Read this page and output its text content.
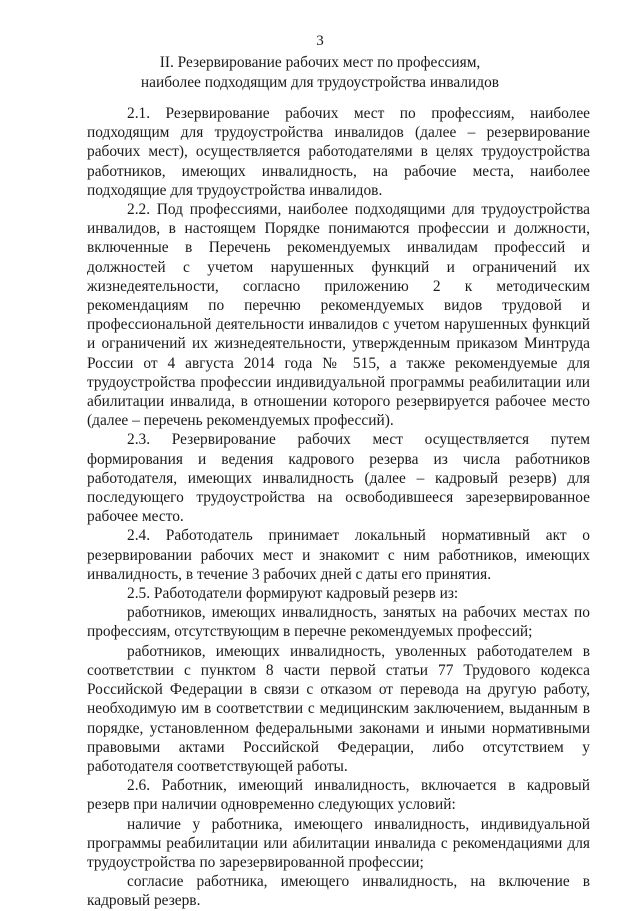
3
II. Резервирование рабочих мест по профессиям,
наиболее подходящим для трудоустройства инвалидов

2.1. Резервирование рабочих мест по профессиям, наиболее подходящим для трудоустройства инвалидов (далее – резервирование рабочих мест), осуществляется работодателями в целях трудоустройства работников, имеющих инвалидность, на рабочие места, наиболее подходящие для трудоустройства инвалидов.

2.2. Под профессиями, наиболее подходящими для трудоустройства инвалидов, в настоящем Порядке понимаются профессии и должности, включенные в Перечень рекомендуемых инвалидам профессий и должностей с учетом нарушенных функций и ограничений их жизнедеятельности, согласно приложению 2 к методическим рекомендациям по перечню рекомендуемых видов трудовой и профессиональной деятельности инвалидов с учетом нарушенных функций и ограничений их жизнедеятельности, утвержденным приказом Минтруда России от 4 августа 2014 года № 515, а также рекомендуемые для трудоустройства профессии индивидуальной программы реабилитации или абилитации инвалида, в отношении которого резервируется рабочее место (далее – перечень рекомендуемых профессий).

2.3. Резервирование рабочих мест осуществляется путем формирования и ведения кадрового резерва из числа работников работодателя, имеющих инвалидность (далее – кадровый резерв) для последующего трудоустройства на освободившееся зарезервированное рабочее место.

2.4. Работодатель принимает локальный нормативный акт о резервировании рабочих мест и знакомит с ним работников, имеющих инвалидность, в течение 3 рабочих дней с даты его принятия.

2.5. Работодатели формируют кадровый резерв из:

работников, имеющих инвалидность, занятых на рабочих местах по профессиям, отсутствующим в перечне рекомендуемых профессий;

работников, имеющих инвалидность, уволенных работодателем в соответствии с пунктом 8 части первой статьи 77 Трудового кодекса Российской Федерации в связи с отказом от перевода на другую работу, необходимую им в соответствии с медицинским заключением, выданным в порядке, установленном федеральными законами и иными нормативными правовыми актами Российской Федерации, либо отсутствием у работодателя соответствующей работы.

2.6. Работник, имеющий инвалидность, включается в кадровый резерв при наличии одновременно следующих условий:

наличие у работника, имеющего инвалидность, индивидуальной программы реабилитации или абилитации инвалида с рекомендациями для трудоустройства по зарезервированной профессии;

согласие работника, имеющего инвалидность, на включение в кадровый резерв.
